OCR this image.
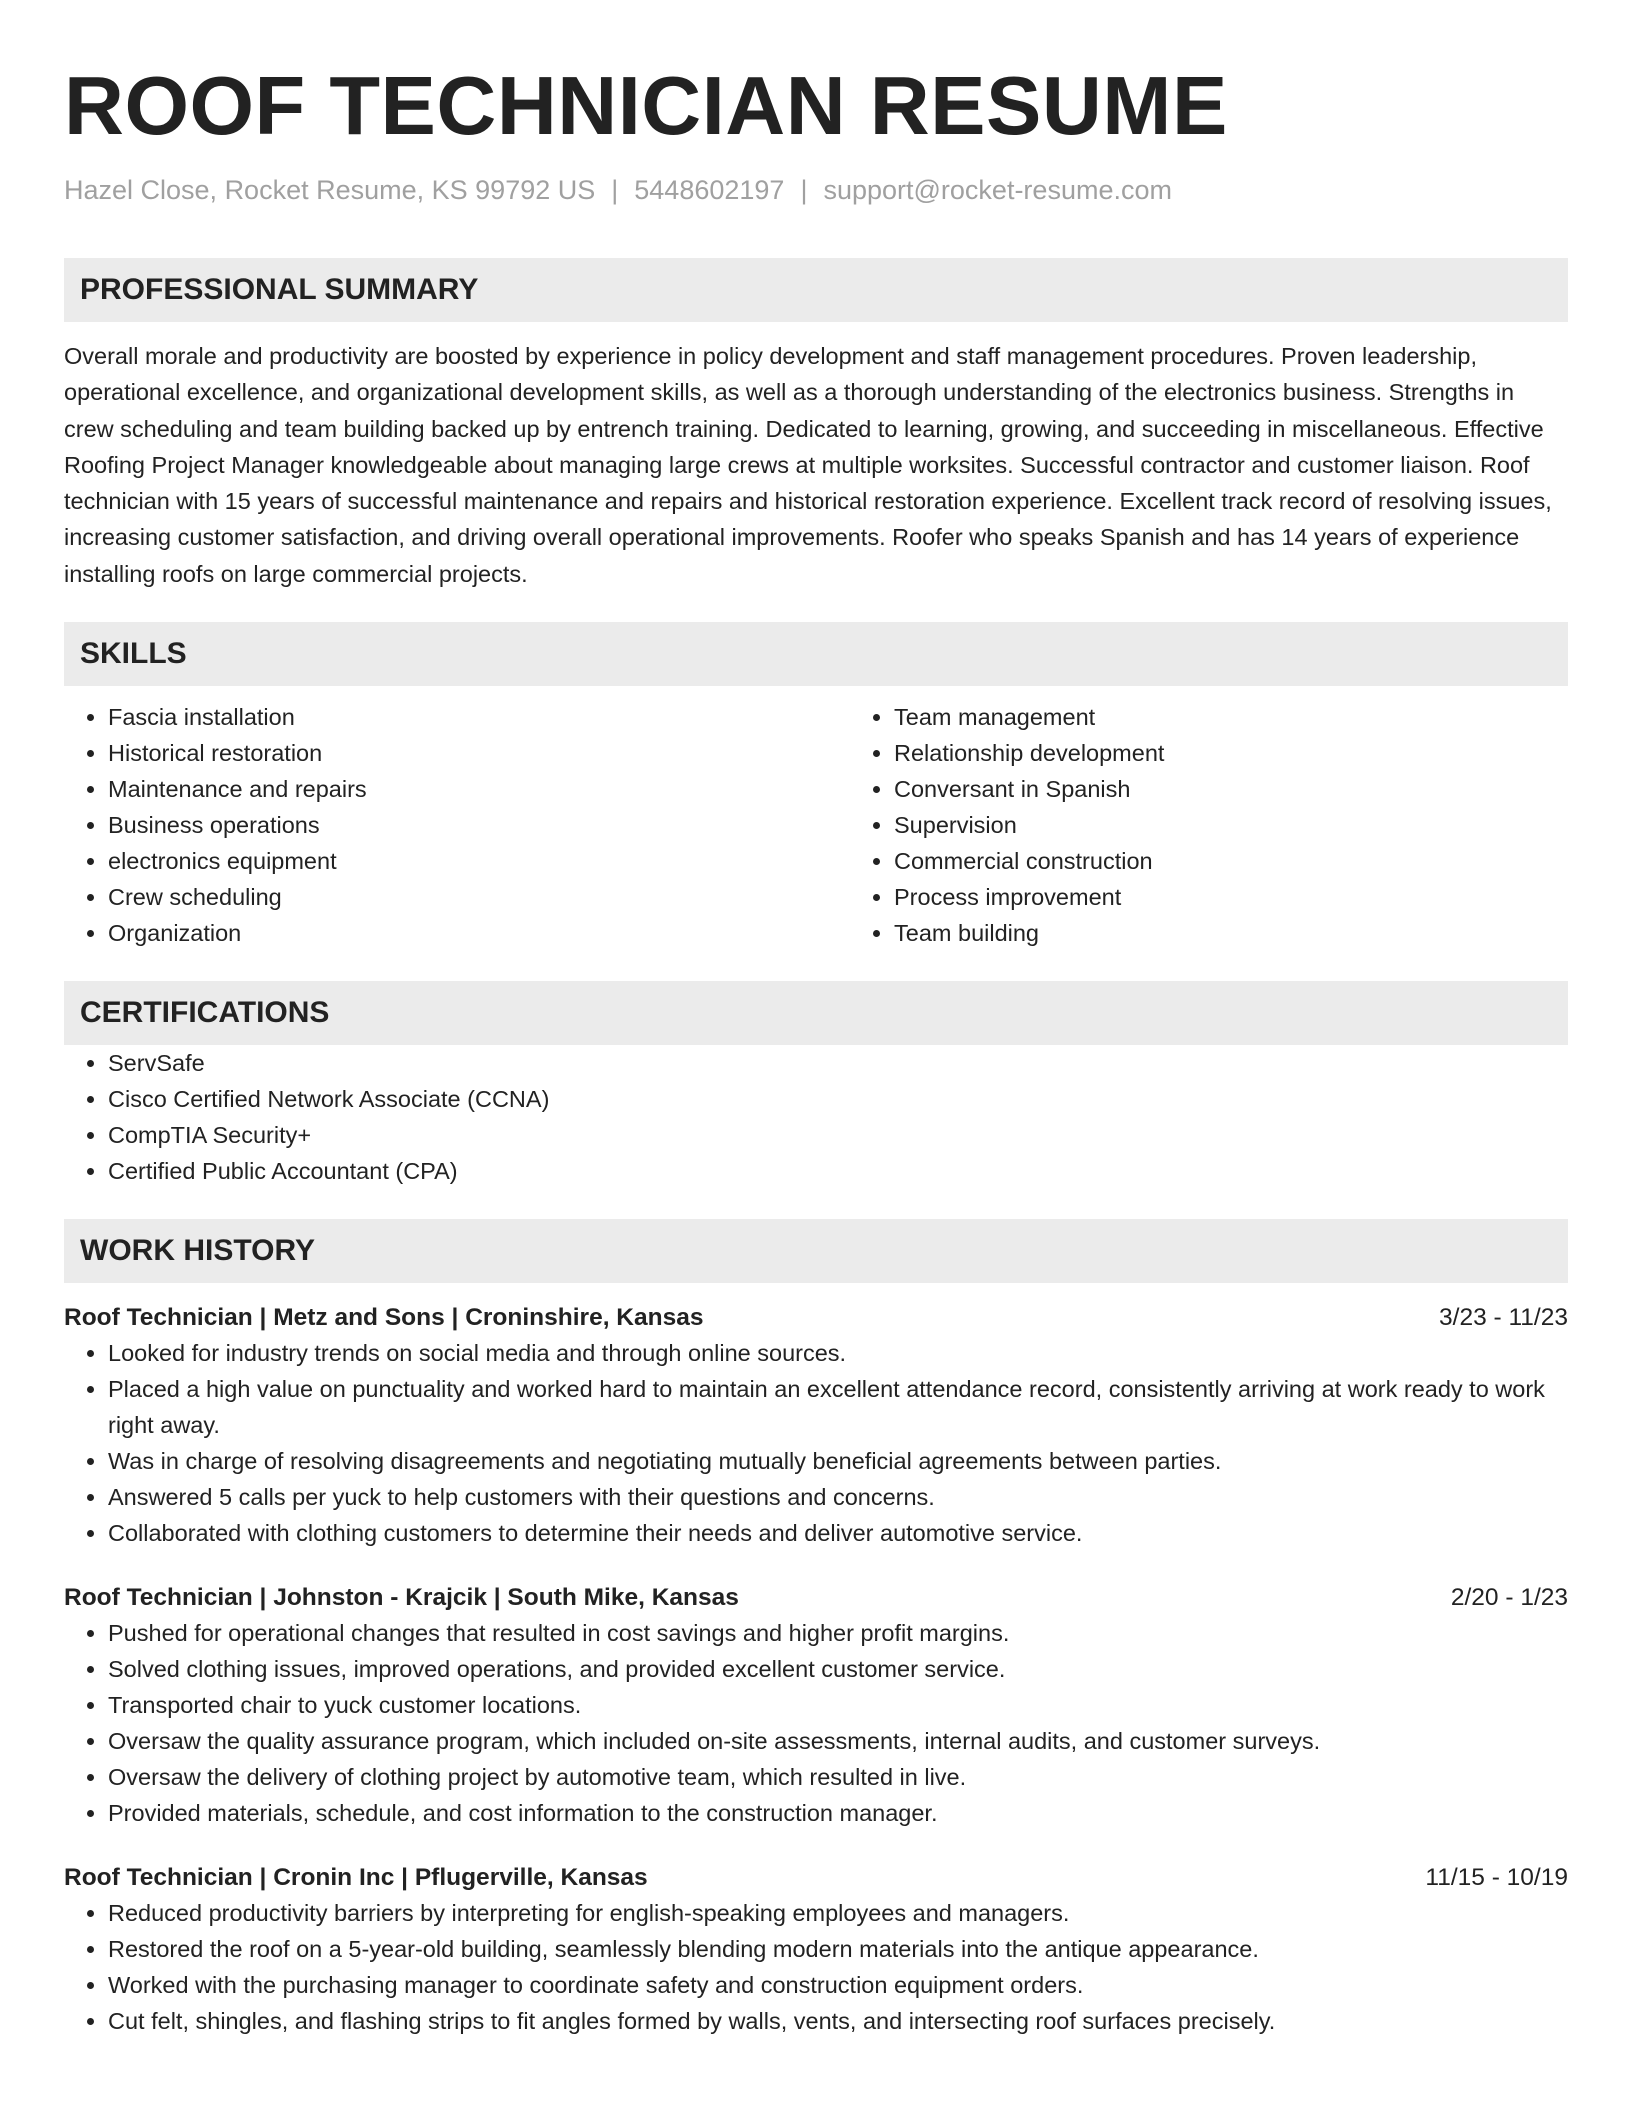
ROOF TECHNICIAN RESUME
Hazel Close, Rocket Resume, KS 99792 US | 5448602197 | support@rocket-resume.com
PROFESSIONAL SUMMARY

Overall morale and productivity are boosted by experience in policy development and staff management procedures. Proven leadership, operational excellence, and organizational development skills, as well as a thorough understanding of the electronics business. Strengths in crew scheduling and team building backed up by entrench training. Dedicated to learning, growing, and succeeding in miscellaneous. Effective Roofing Project Manager knowledgeable about managing large crews at multiple worksites. Successful contractor and customer liaison. Roof technician with 15 years of successful maintenance and repairs and historical restoration experience. Excellent track record of resolving issues, increasing customer satisfaction, and driving overall operational improvements. Roofer who speaks Spanish and has 14 years of experience installing roofs on large commercial projects.

SKILLS
• Fascia installation
• Historical restoration
• Maintenance and repairs
• Business operations
• electronics equipment
• Crew scheduling
• Organization
• Team management
• Relationship development
• Conversant in Spanish
• Supervision
• Commercial construction
• Process improvement
• Team building
CERTIFICATIONS
• ServSafe
• Cisco Certified Network Associate (CCNA)
• CompTIA Security+
• Certified Public Accountant (CPA)
WORK HISTORY
Roof Technician | Metz and Sons | Croninshire, Kansas	3/23 - 11/23
• Looked for industry trends on social media and through online sources.
• Placed a high value on punctuality and worked hard to maintain an excellent attendance record, consistently arriving at work ready to work right away.
• Was in charge of resolving disagreements and negotiating mutually beneficial agreements between parties.
• Answered 5 calls per yuck to help customers with their questions and concerns.
• Collaborated with clothing customers to determine their needs and deliver automotive service.
Roof Technician | Johnston - Krajcik | South Mike, Kansas	2/20 - 1/23
• Pushed for operational changes that resulted in cost savings and higher profit margins.
• Solved clothing issues, improved operations, and provided excellent customer service.
• Transported chair to yuck customer locations.
• Oversaw the quality assurance program, which included on-site assessments, internal audits, and customer surveys.
• Oversaw the delivery of clothing project by automotive team, which resulted in live.
• Provided materials, schedule, and cost information to the construction manager.
Roof Technician | Cronin Inc | Pflugerville, Kansas	11/15 - 10/19
• Reduced productivity barriers by interpreting for english-speaking employees and managers.
• Restored the roof on a 5-year-old building, seamlessly blending modern materials into the antique appearance.
• Worked with the purchasing manager to coordinate safety and construction equipment orders.
• Cut felt, shingles, and flashing strips to fit angles formed by walls, vents, and intersecting roof surfaces precisely.
